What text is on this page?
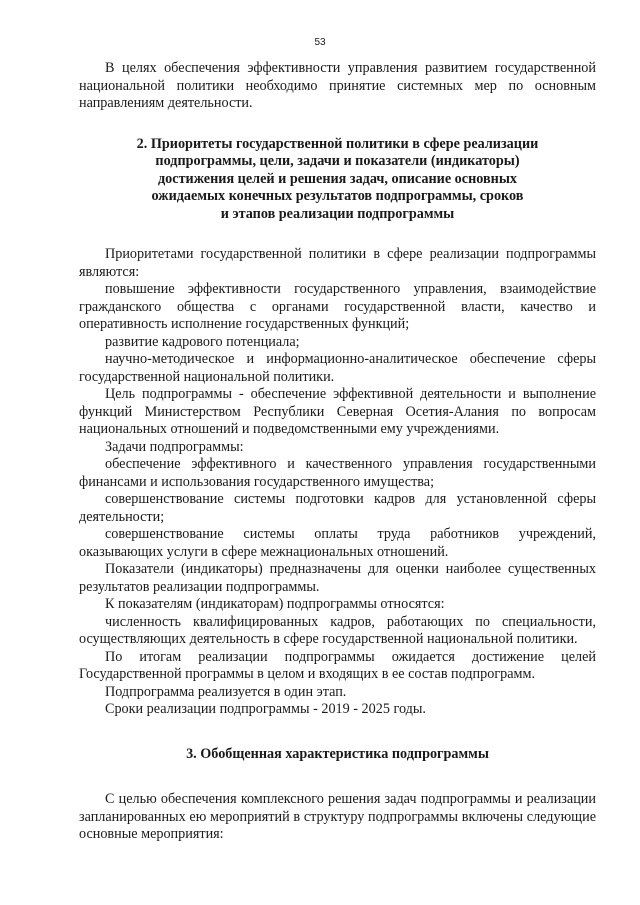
53

В целях обеспечения эффективности управления развитием государственной национальной политики необходимо принятие системных мер по основным направлениям деятельности.

2. Приоритеты государственной политики в сфере реализации
подпрограммы, цели, задачи и показатели (индикаторы)
достижения целей и решения задач, описание основных
ожидаемых конечных результатов подпрограммы, сроков
и этапов реализации подпрограммы

Приоритетами государственной политики в сфере реализации подпрограммы являются:

повышение эффективности государственного управления, взаимодействие гражданского общества с органами государственной власти, качество и оперативность исполнение государственных функций;

развитие кадрового потенциала;

научно-методическое и информационно-аналитическое обеспечение сферы государственной национальной политики.

Цель подпрограммы - обеспечение эффективной деятельности и выполнение функций Министерством Республики Северная Осетия-Алания по вопросам национальных отношений и подведомственными ему учреждениями.

Задачи подпрограммы:

обеспечение эффективного и качественного управления государственными финансами и использования государственного имущества;

совершенствование системы подготовки кадров для установленной сферы деятельности;

совершенствование системы оплаты труда работников учреждений, оказывающих услуги в сфере межнациональных отношений.

Показатели (индикаторы) предназначены для оценки наиболее существенных результатов реализации подпрограммы.

К показателям (индикаторам) подпрограммы относятся:

численность квалифицированных кадров, работающих по специальности, осуществляющих деятельность в сфере государственной национальной политики.

По итогам реализации подпрограммы ожидается достижение целей Государственной программы в целом и входящих в ее состав подпрограмм.

Подпрограмма реализуется в один этап.

Сроки реализации подпрограммы - 2019 - 2025 годы.

3. Обобщенная характеристика подпрограммы

С целью обеспечения комплексного решения задач подпрограммы и реализации запланированных ею мероприятий в структуру подпрограммы включены следующие основные мероприятия:
